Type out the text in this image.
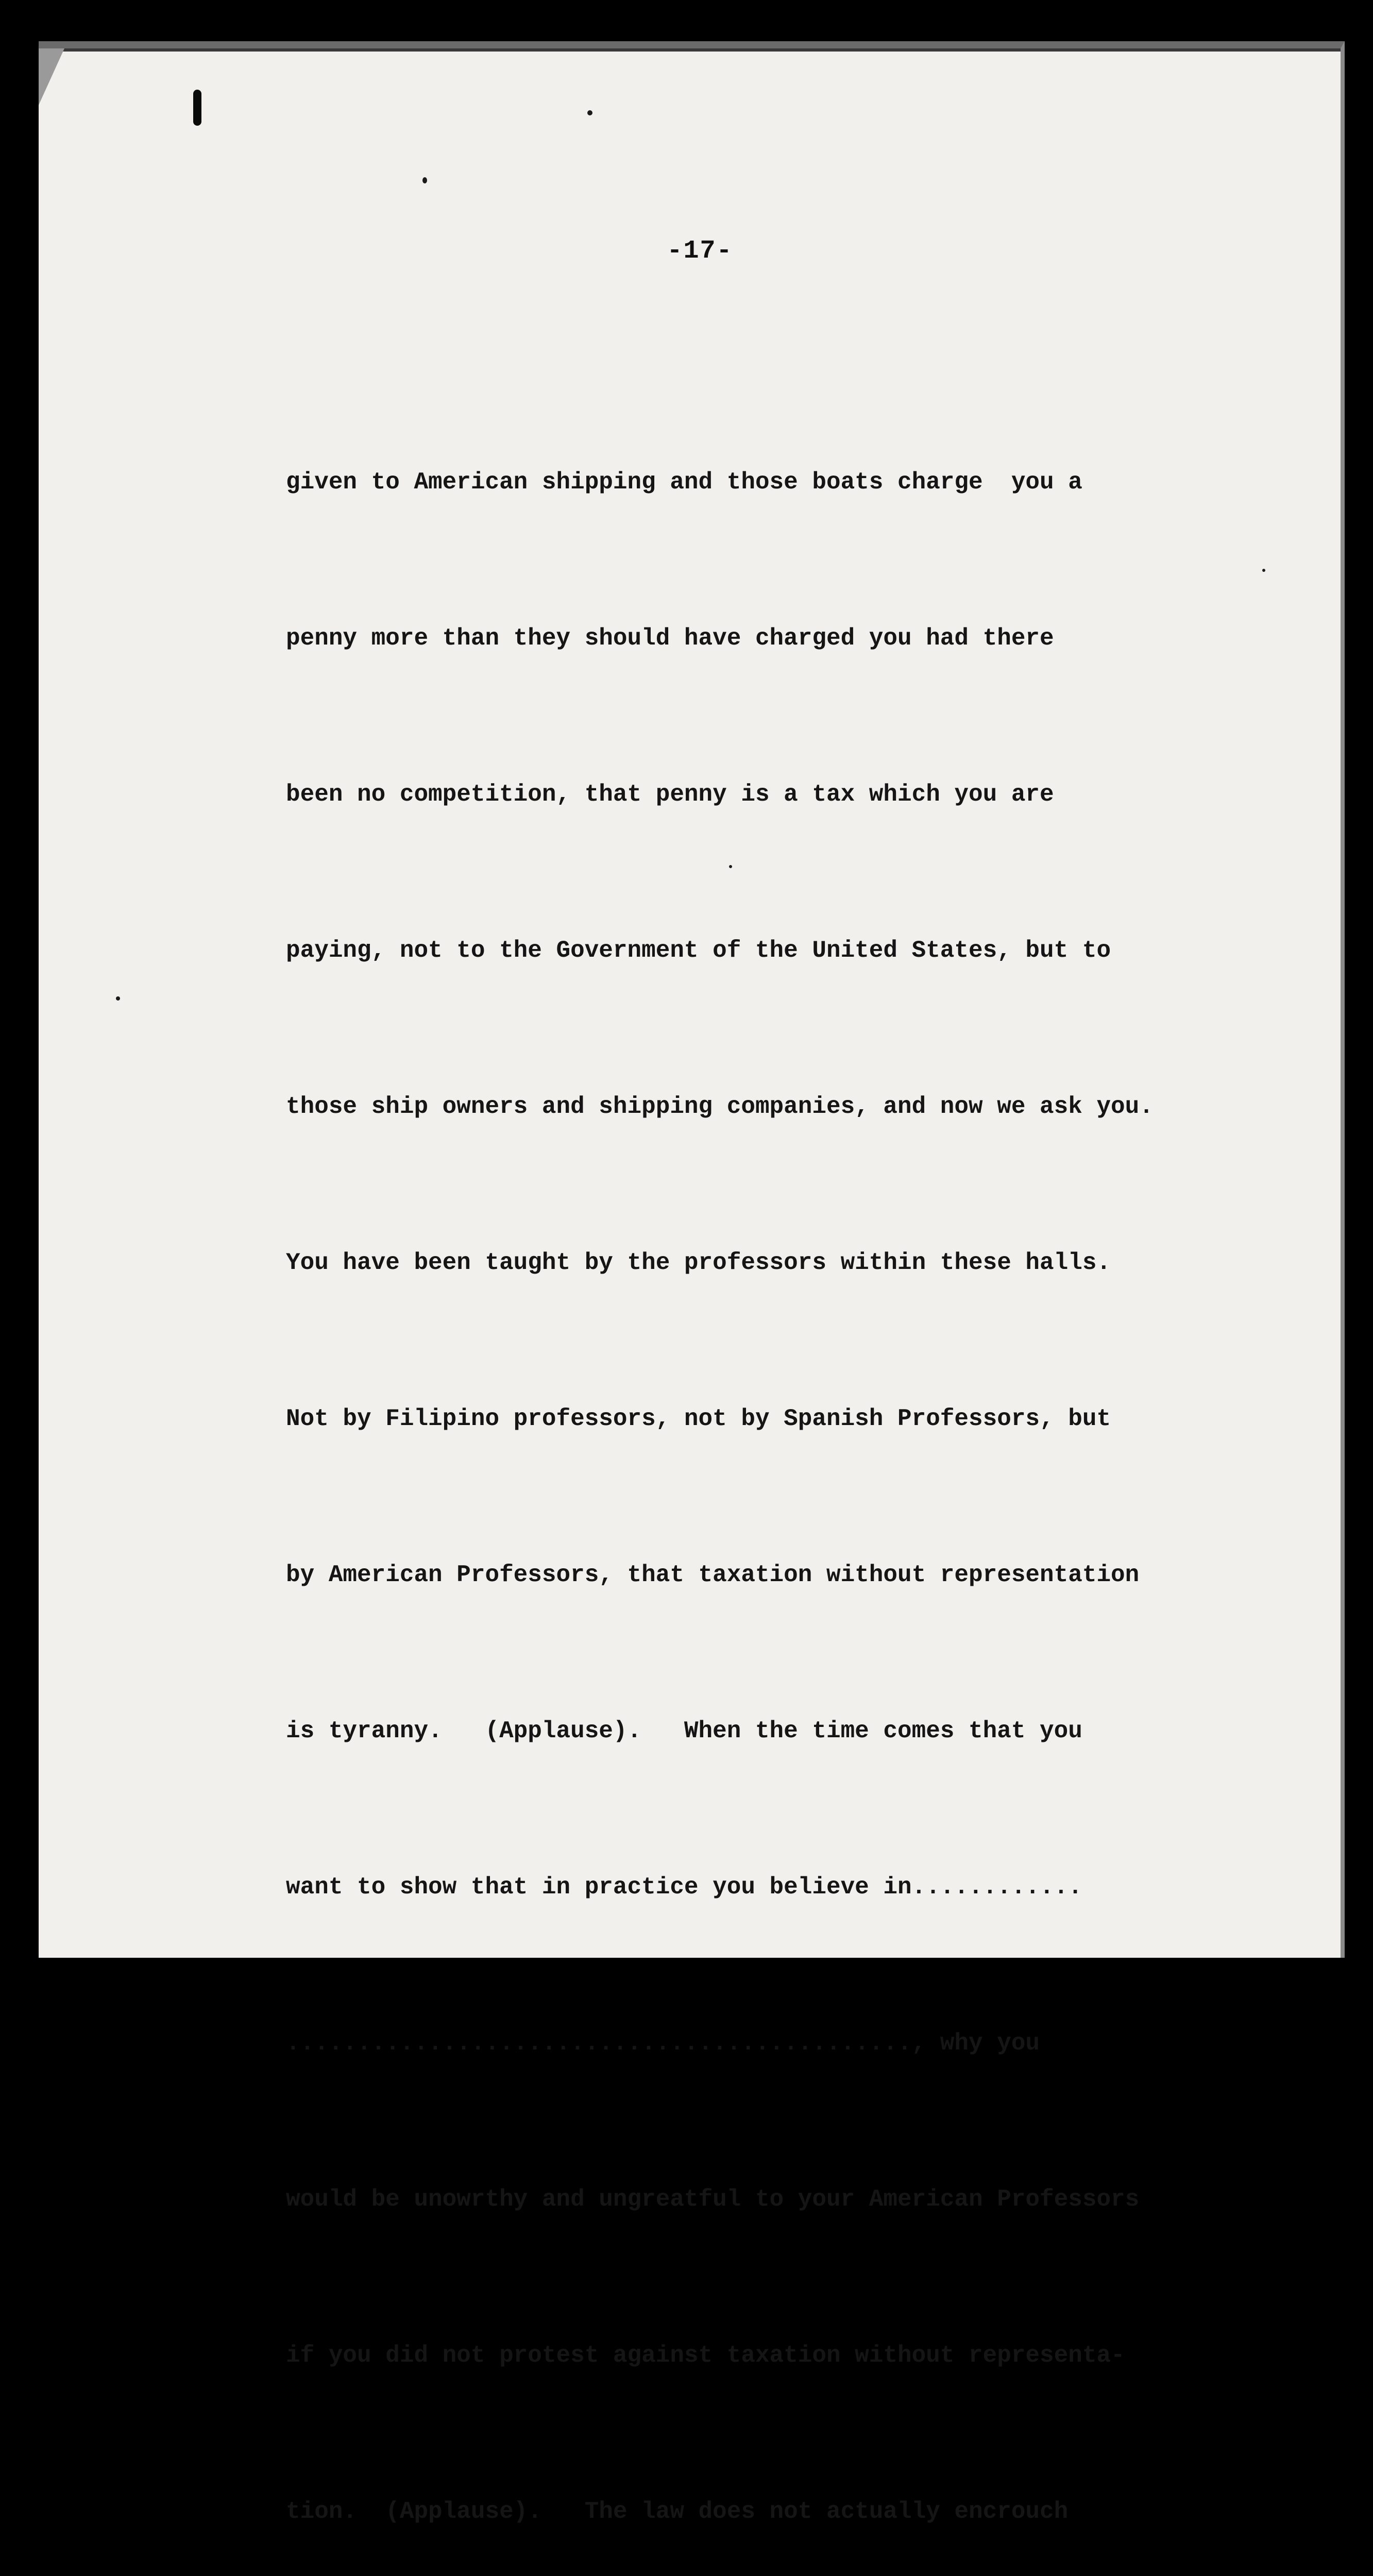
-17-

given to American shipping and those boats charge  you a

penny more than they should have charged you had there

been no competition, that penny is a tax which you are

paying, not to the Government of the United States, but to

those ship owners and shipping companies, and now we ask you.

You have been taught by the professors within these halls.

Not by Filipino professors, not by Spanish Professors, but

by American Professors, that taxation without representation

is tyranny.   (Applause).   When the time comes that you

want to show that in practice you believe in............

............................................, why you

would be unowrthy and ungreatful to your American Professors

if you did not protest against taxation without representa-

tion.  (Applause).   The law does not actually encrouch
